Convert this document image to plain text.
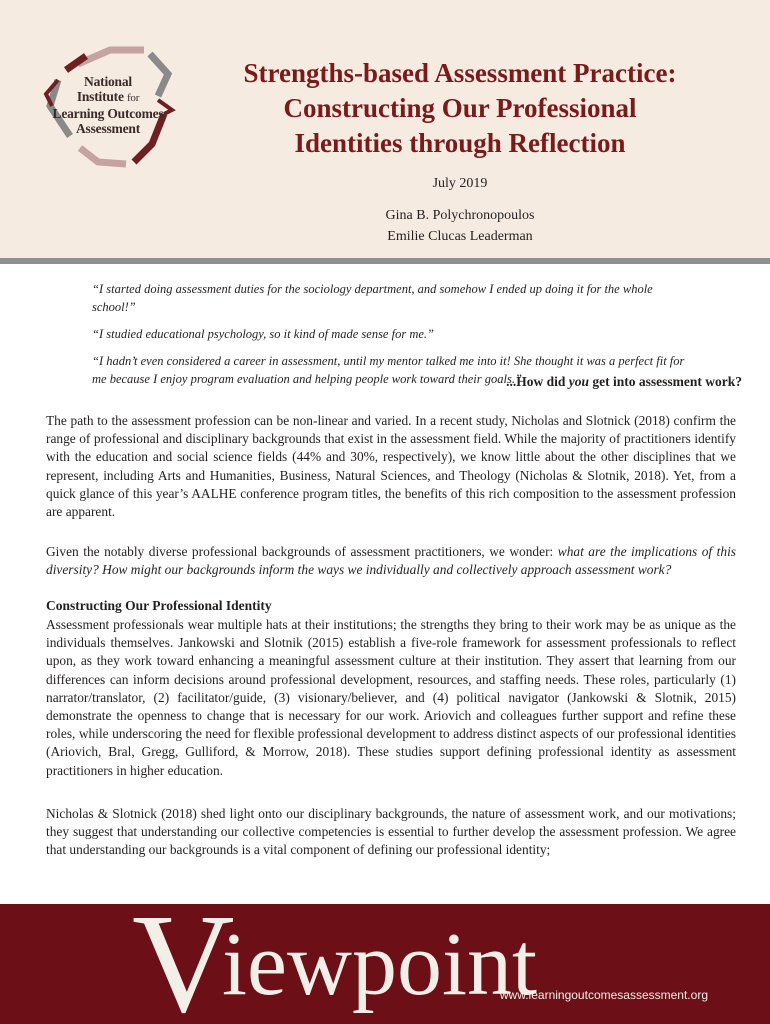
National
Institute for
Learning Outcomes
Assessment
Strengths-based Assessment Practice:
Constructing Our Professional
Identities through Reflection
July 2019
Gina B. Polychronopoulos
Emilie Clucas Leaderman

“I started doing assessment duties for the sociology department, and somehow I ended up doing it for the whole school!”

“I studied educational psychology, so it kind of made sense for me.”

“I hadn’t even considered a career in assessment, until my mentor talked me into it! She thought it was a perfect fit for me because I enjoy program evaluation and helping people work toward their goals.”

...How did you get into assessment work?

The path to the assessment profession can be non-linear and varied. In a recent study, Nicholas and Slotnick (2018) confirm the range of professional and disciplinary backgrounds that exist in the assessment field. While the majority of practitioners identify with the education and social science fields (44% and 30%, respectively), we know little about the other disciplines that we represent, including Arts and Humanities, Business, Natural Sciences, and Theology (Nicholas & Slotnik, 2018). Yet, from a quick glance of this year’s AALHE conference program titles, the benefits of this rich composition to the assessment profession are apparent.

Given the notably diverse professional backgrounds of assessment practitioners, we wonder: what are the implications of this diversity? How might our backgrounds inform the ways we individually and collectively approach assessment work?

Constructing Our Professional Identity

Assessment professionals wear multiple hats at their institutions; the strengths they bring to their work may be as unique as the individuals themselves. Jankowski and Slotnik (2015) establish a five-role framework for assessment professionals to reflect upon, as they work toward enhancing a meaningful assessment culture at their institution. They assert that learning from our differences can inform decisions around professional development, resources, and staffing needs. These roles, particularly (1) narrator/translator, (2) facilitator/guide, (3) visionary/believer, and (4) political navigator (Jankowski & Slotnik, 2015) demonstrate the openness to change that is necessary for our work. Ariovich and colleagues further support and refine these roles, while underscoring the need for flexible professional development to address distinct aspects of our professional identities (Ariovich, Bral, Gregg, Gulliford, & Morrow, 2018). These studies support defining professional identity as assessment practitioners in higher education.

Nicholas & Slotnick (2018) shed light onto our disciplinary backgrounds, the nature of assessment work, and our motivations; they suggest that understanding our collective competencies is essential to further develop the assessment profession. We agree that understanding our backgrounds is a vital component of defining our professional identity;

V
iewpoint
www.learningoutcomesassessment.org
